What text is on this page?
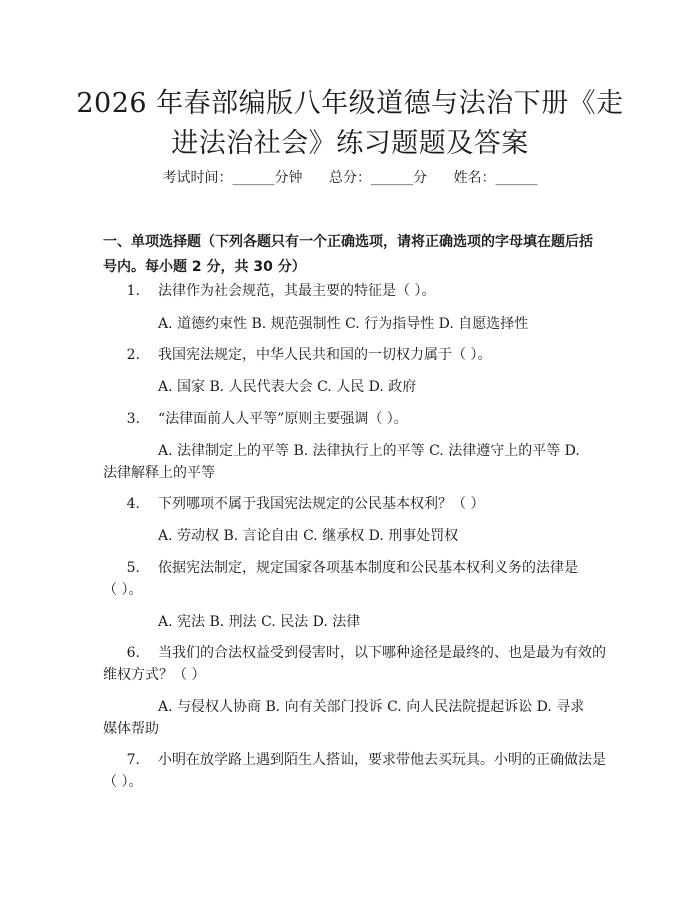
2026 年春部编版八年级道德与法治下册《走
进法治社会》练习题题及答案
考试时间：______分钟 总分：______分 姓名：______
一、单项选择题（下列各题只有一个正确选项，请将正确选项的字母填在题后括
号内。每小题 2 分，共 30 分）
1. 法律作为社会规范，其最主要的特征是（ ）。
A. 道德约束性 B. 规范强制性 C. 行为指导性 D. 自愿选择性
2. 我国宪法规定，中华人民共和国的一切权力属于（ ）。
A. 国家 B. 人民代表大会 C. 人民 D. 政府
3. “法律面前人人平等”原则主要强调（ ）。
A. 法律制定上的平等 B. 法律执行上的平等 C. 法律遵守上的平等 D.
法律解释上的平等
4. 下列哪项不属于我国宪法规定的公民基本权利？（ ）
A. 劳动权 B. 言论自由 C. 继承权 D. 刑事处罚权
5. 依据宪法制定，规定国家各项基本制度和公民基本权利义务的法律是
（ ）。
A. 宪法 B. 刑法 C. 民法 D. 法律
6. 当我们的合法权益受到侵害时，以下哪种途径是最终的、也是最为有效的
维权方式？（ ）
A. 与侵权人协商 B. 向有关部门投诉 C. 向人民法院提起诉讼 D. 寻求
媒体帮助
7. 小明在放学路上遇到陌生人搭讪，要求带他去买玩具。小明的正确做法是
（ ）。
